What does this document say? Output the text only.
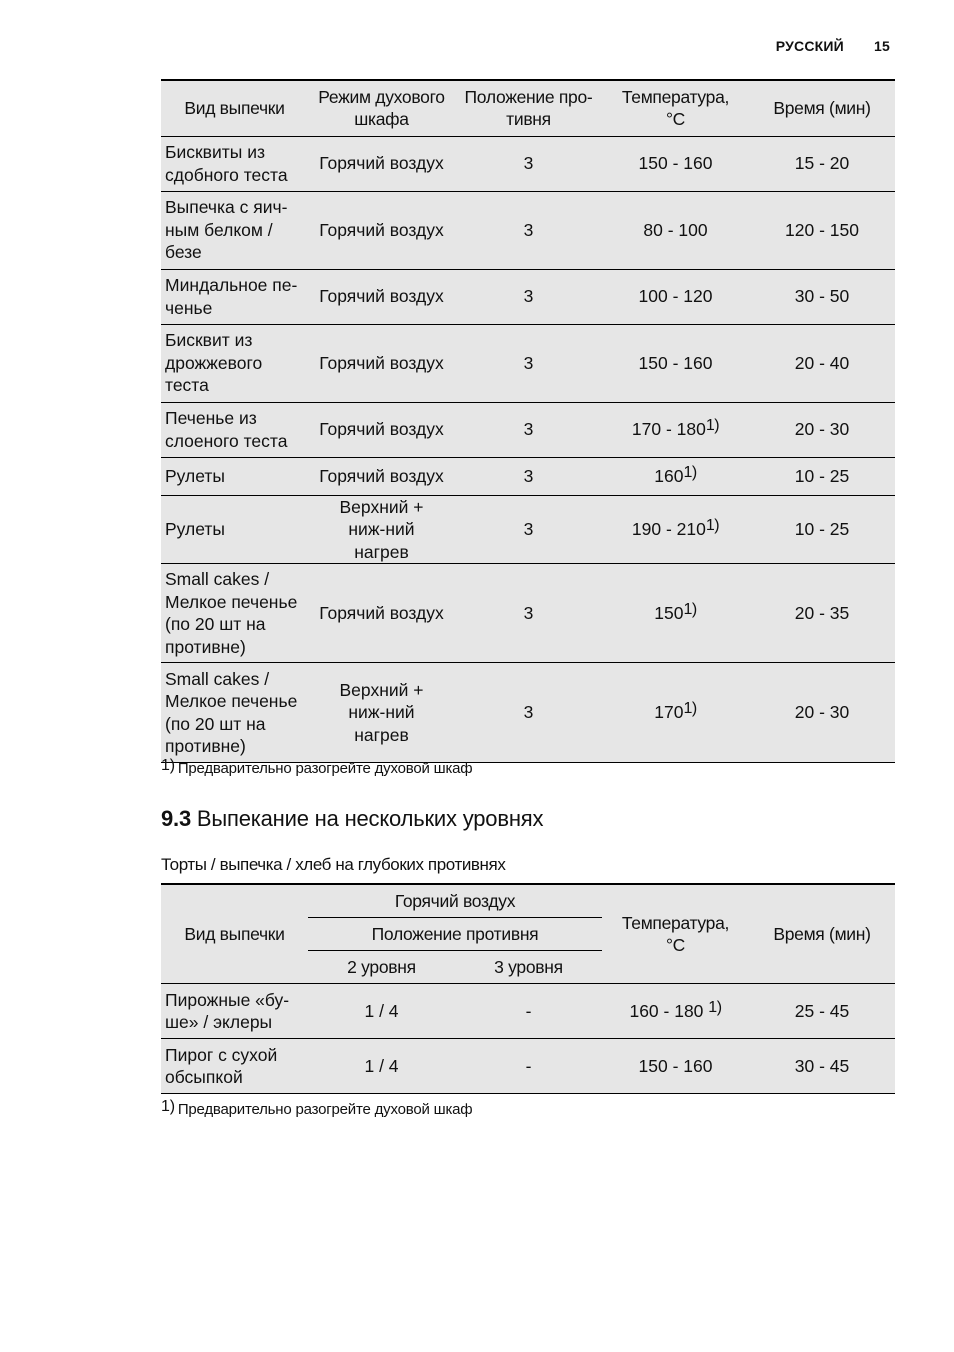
РУССКИЙ 15
Вид выпечки	Режим духового шкафа	Положение про-тивня	Температура, °C	Время (мин)
Бисквиты из сдобного теста	Горячий воздух	3	150 - 160	15 - 20
Выпечка с яич-ным белком / безе	Горячий воздух	3	80 - 100	120 - 150
Миндальное пе-ченье	Горячий воздух	3	100 - 120	30 - 50
Бисквит из дрожжевого теста	Горячий воздух	3	150 - 160	20 - 40
Печенье из слоеного теста	Горячий воздух	3	170 - 180$^{1)}$	20 - 30
Рулеты	Горячий воздух	3	160$^{1)}$	10 - 25
Рулеты	Верхний + ниж-ний нагрев	3	190 - 210$^{1)}$	10 - 25
Small cakes / Мелкое печенье (по 20 шт на противне)	Горячий воздух	3	150$^{1)}$	20 - 35
Small cakes / Мелкое печенье (по 20 шт на противне)	Верхний + ниж-ний нагрев	3	170$^{1)}$	20 - 30
1) Предварительно разогрейте духовой шкаф
9.3 Выпекание на нескольких уровнях
Торты / выпечка / хлеб на глубоких противнях
Вид выпечки	Горячий воздух		Температура, °C	Время (мин)
	Положение противня			
	2 уровня	3 уровня		
Пирожные «бу-ше» / эклеры	1 / 4	-	160 - 180 $^{1)}$	25 - 45
Пирог с сухой обсыпкой	1 / 4	-	150 - 160	30 - 45
1) Предварительно разогрейте духовой шкаф
